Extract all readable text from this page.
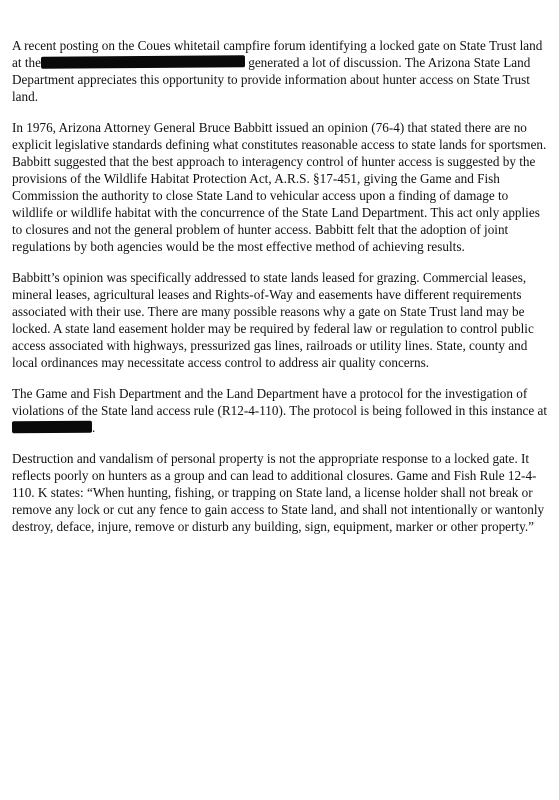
A recent posting on the Coues whitetail campfire forum identifying a locked gate on State Trust land at the	generated a lot of discussion. The Arizona State Land Department appreciates this opportunity to provide information about hunter access on State Trust land.

In 1976, Arizona Attorney General Bruce Babbitt issued an opinion (76-4) that stated there are no explicit legislative standards defining what constitutes reasonable access to state lands for sportsmen. Babbitt suggested that the best approach to interagency control of hunter access is suggested by the provisions of the Wildlife Habitat Protection Act, A.R.S. §17-451, giving the Game and Fish Commission the authority to close State Land to vehicular access upon a finding of damage to wildlife or wildlife habitat with the concurrence of the State Land Department. This act only applies to closures and not the general problem of hunter access. Babbitt felt that the adoption of joint regulations by both agencies would be the most effective method of achieving results.

Babbitt’s opinion was specifically addressed to state lands leased for grazing. Commercial leases, mineral leases, agricultural leases and Rights-of-Way and easements have different requirements associated with their use. There are many possible reasons why a gate on State Trust land may be locked. A state land easement holder may be required by federal law or regulation to control public access associated with highways, pressurized gas lines, railroads or utility lines. State, county and local ordinances may necessitate access control to address air quality concerns.

The Game and Fish Department and the Land Department have a protocol for the investigation of violations of the State land access rule (R12-4-110). The protocol is being followed in this instance at .

Destruction and vandalism of personal property is not the appropriate response to a locked gate. It reflects poorly on hunters as a group and can lead to additional closures. Game and Fish Rule 12-4-110. K states: “When hunting, fishing, or trapping on State land, a license holder shall not break or remove any lock or cut any fence to gain access to State land, and shall not intentionally or wantonly destroy, deface, injure, remove or disturb any building, sign, equipment, marker or other property.”
